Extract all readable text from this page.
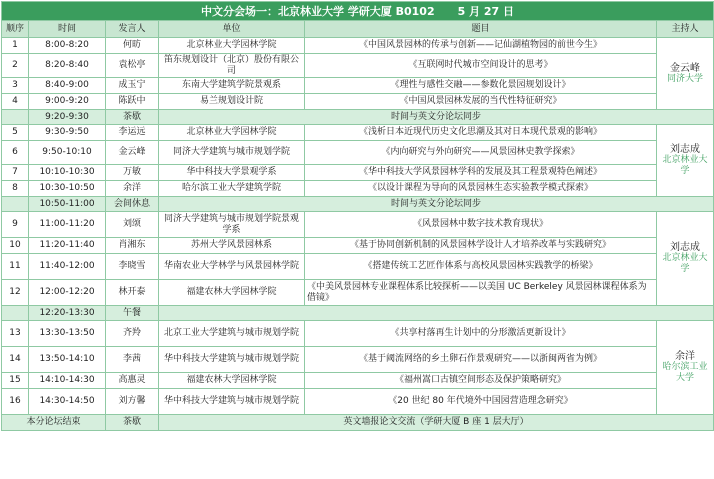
中文分会场一：北京林业大学 学研大厦 B0102      5 月 27 日					
顺序	时间	发言人	单位	题目	主持人
1	8:00-8:20	何昉	北京林业大学园林学院	《中国风景园林的传承与创新——记仙湖植物园的前世今生》	金云峰
同济大学

2	8:20-8:40	袁松亭	笛东规划设计（北京）股份有限公司	《互联网时代城市空间设计的思考》	
3	8:40-9:00	成玉宁	东南大学建筑学院景观系	《理性与感性交融——参数化景园规划设计》	
4	9:00-9:20	陈跃中	易兰规划设计院	《中国风景园林发展的当代性特征研究》	
	9:20-9:30	茶歇	时间与英文分论坛同步		
5	9:30-9:50	李运远	北京林业大学园林学院	《浅析日本近现代历史文化思潮及其对日本现代景观的影响》	刘志成
北京林业大学

6	9:50-10:10	金云峰	同济大学建筑与城市规划学院	《内向研究与外向研究——风景园林史教学探索》	
7	10:10-10:30	万敏	华中科技大学景观学系	《华中科技大学风景园林学科的发展及其工程景观特色阐述》	
8	10:30-10:50	余洋	哈尔滨工业大学建筑学院	《以设计课程为导向的风景园林生态实验教学模式探索》	
	10:50-11:00	会间休息	时间与英文分论坛同步		
9	11:00-11:20	刘颂	同济大学建筑与城市规划学院景观学系	《风景园林中数字技术教育现状》	刘志成
北京林业大学

10	11:20-11:40	肖湘东	苏州大学风景园林系	《基于协同创新机制的风景园林学设计人才培养改革与实践研究》	
11	11:40-12:00	李晓雪	华南农业大学林学与风景园林学院	《搭建传统工艺匠作体系与高校风景园林实践教学的桥梁》	
12	12:00-12:20	林开泰	福建农林大学园林学院	《中美风景园林专业课程体系比较探析——以美国 UC Berkeley 风景园林课程体系为借镜》	
	12:20-13:30	午餐			
13	13:30-13:50	齐羚	北京工业大学建筑与城市规划学院	《共享村落再生计划中的分形激活更新设计》	余洋
哈尔滨工业大学

14	13:50-14:10	李茜	华中科技大学建筑与城市规划学院	《基于阈流网络的乡土卵石作景观研究——以浙闽两省为例》	
15	14:10-14:30	高惠灵	福建农林大学园林学院	《福州嵩口古镇空间形态及保护策略研究》	
16	14:30-14:50	刘方馨	华中科技大学建筑与城市规划学院	《20 世纪 80 年代境外中国园营造理念研究》	
本分论坛结束		茶歇	英文墙报论文交流（学研大厦 B 座 1 层大厅）		
